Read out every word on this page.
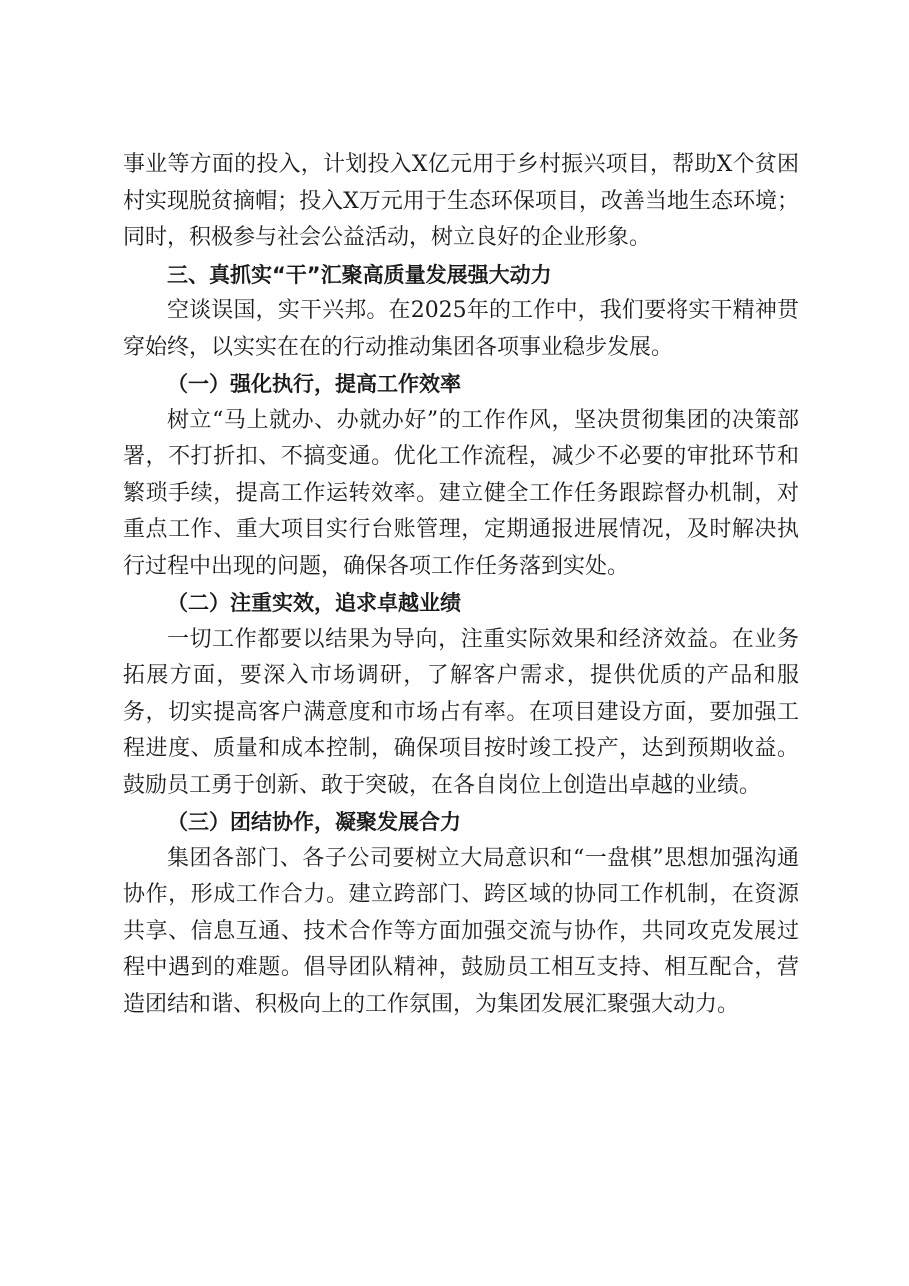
事业等方面的投入，计划投入X亿元用于乡村振兴项目，帮助X个贫困村实现脱贫摘帽；投入X万元用于生态环保项目，改善当地生态环境；同时，积极参与社会公益活动，树立良好的企业形象。

三、真抓实“干”汇聚高质量发展强大动力

空谈误国，实干兴邦。在2025年的工作中，我们要将实干精神贯穿始终，以实实在在的行动推动集团各项事业稳步发展。

（一）强化执行，提高工作效率

树立“马上就办、办就办好”的工作作风，坚决贯彻集团的决策部署，不打折扣、不搞变通。优化工作流程，减少不必要的审批环节和繁琐手续，提高工作运转效率。建立健全工作任务跟踪督办机制，对重点工作、重大项目实行台账管理，定期通报进展情况，及时解决执行过程中出现的问题，确保各项工作任务落到实处。

（二）注重实效，追求卓越业绩

一切工作都要以结果为导向，注重实际效果和经济效益。在业务拓展方面，要深入市场调研，了解客户需求，提供优质的产品和服务，切实提高客户满意度和市场占有率。在项目建设方面，要加强工程进度、质量和成本控制，确保项目按时竣工投产，达到预期收益。鼓励员工勇于创新、敢于突破，在各自岗位上创造出卓越的业绩。

（三）团结协作，凝聚发展合力

集团各部门、各子公司要树立大局意识和“一盘棋”思想加强沟通协作，形成工作合力。建立跨部门、跨区域的协同工作机制，在资源共享、信息互通、技术合作等方面加强交流与协作，共同攻克发展过程中遇到的难题。倡导团队精神，鼓励员工相互支持、相互配合，营造团结和谐、积极向上的工作氛围，为集团发展汇聚强大动力。
